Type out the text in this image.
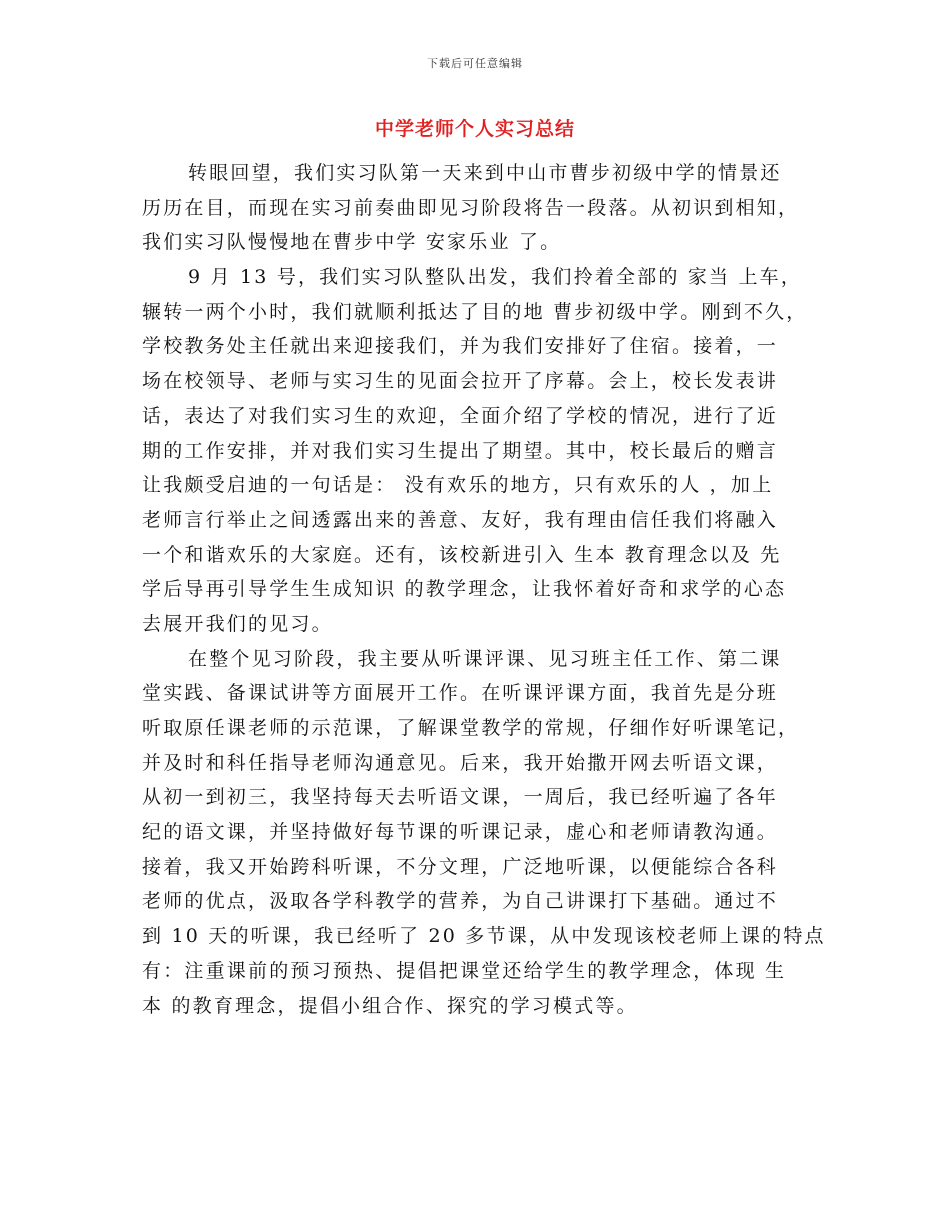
下载后可任意编辑
中学老师个人实习总结
转眼回望，我们实习队第一天来到中山市曹步初级中学的情景还
历历在目，而现在实习前奏曲即见习阶段将告一段落。从初识到相知，
我们实习队慢慢地在曹步中学 安家乐业 了。
9 月 13 号，我们实习队整队出发，我们拎着全部的 家当 上车，
辗转一两个小时，我们就顺利抵达了目的地 曹步初级中学。刚到不久，
学校教务处主任就出来迎接我们，并为我们安排好了住宿。接着，一
场在校领导、老师与实习生的见面会拉开了序幕。会上，校长发表讲
话，表达了对我们实习生的欢迎，全面介绍了学校的情况，进行了近
期的工作安排，并对我们实习生提出了期望。其中，校长最后的赠言
让我颇受启迪的一句话是： 没有欢乐的地方，只有欢乐的人 ，加上
老师言行举止之间透露出来的善意、友好，我有理由信任我们将融入
一个和谐欢乐的大家庭。还有，该校新进引入 生本 教育理念以及 先
学后导再引导学生生成知识 的教学理念，让我怀着好奇和求学的心态
去展开我们的见习。
在整个见习阶段，我主要从听课评课、见习班主任工作、第二课
堂实践、备课试讲等方面展开工作。在听课评课方面，我首先是分班
听取原任课老师的示范课，了解课堂教学的常规，仔细作好听课笔记，
并及时和科任指导老师沟通意见。后来，我开始撒开网去听语文课，
从初一到初三，我坚持每天去听语文课，一周后，我已经听遍了各年
纪的语文课，并坚持做好每节课的听课记录，虚心和老师请教沟通。
接着，我又开始跨科听课，不分文理，广泛地听课，以便能综合各科
老师的优点，汲取各学科教学的营养，为自己讲课打下基础。通过不
到 10 天的听课，我已经听了 20 多节课，从中发现该校老师上课的特点
有：注重课前的预习预热、提倡把课堂还给学生的教学理念，体现 生
本 的教育理念，提倡小组合作、探究的学习模式等。
